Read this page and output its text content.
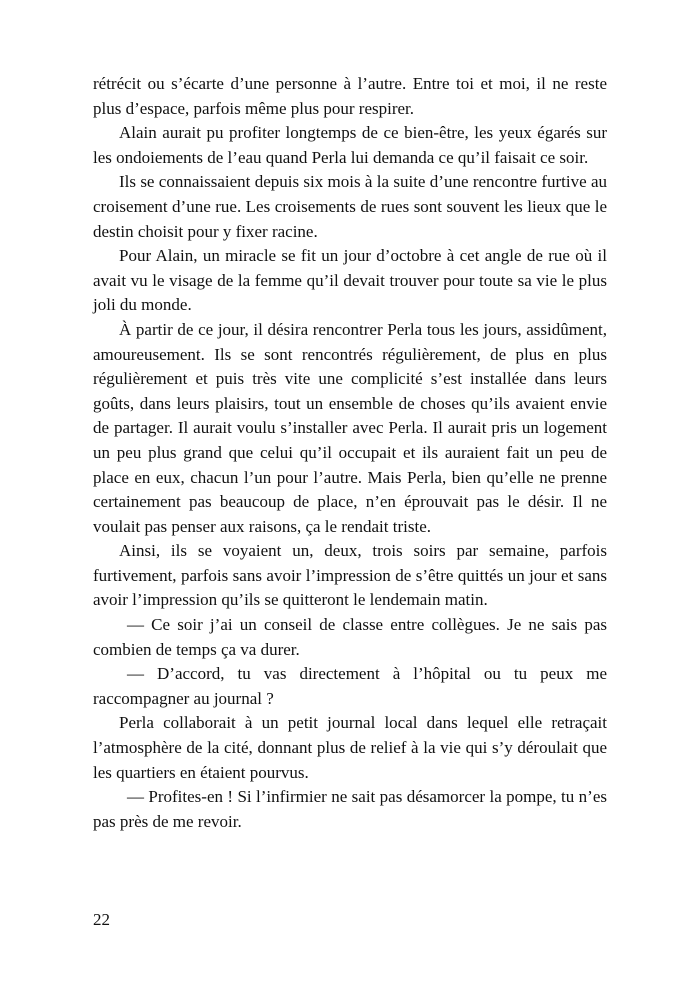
rétrécit ou s’écarte d’une personne à l’autre. Entre toi et moi, il ne reste plus d’espace, parfois même plus pour respirer.

Alain aurait pu profiter longtemps de ce bien-être, les yeux égarés sur les ondoiements de l’eau quand Perla lui demanda ce qu’il faisait ce soir.

Ils se connaissaient depuis six mois à la suite d’une rencontre furtive au croisement d’une rue. Les croisements de rues sont souvent les lieux que le destin choisit pour y fixer racine.

Pour Alain, un miracle se fit un jour d’octobre à cet angle de rue où il avait vu le visage de la femme qu’il devait trouver pour toute sa vie le plus joli du monde.

À partir de ce jour, il désira rencontrer Perla tous les jours, assidûment, amoureusement. Ils se sont rencontrés régulièrement, de plus en plus régulièrement et puis très vite une complicité s’est installée dans leurs goûts, dans leurs plaisirs, tout un ensemble de choses qu’ils avaient envie de partager. Il aurait voulu s’installer avec Perla. Il aurait pris un logement un peu plus grand que celui qu’il occupait et ils auraient fait un peu de place en eux, chacun l’un pour l’autre. Mais Perla, bien qu’elle ne prenne certainement pas beaucoup de place, n’en éprouvait pas le désir. Il ne voulait pas penser aux raisons, ça le rendait triste.

Ainsi, ils se voyaient un, deux, trois soirs par semaine, parfois furtivement, parfois sans avoir l’impression de s’être quittés un jour et sans avoir l’impression qu’ils se quitteront le lendemain matin.

— Ce soir j’ai un conseil de classe entre collègues. Je ne sais pas combien de temps ça va durer.

— D’accord, tu vas directement à l’hôpital ou tu peux me raccompagner au journal ?

Perla collaborait à un petit journal local dans lequel elle retraçait l’atmosphère de la cité, donnant plus de relief à la vie qui s’y déroulait que les quartiers en étaient pourvus.

— Profites-en ! Si l’infirmier ne sait pas désamorcer la pompe, tu n’es pas près de me revoir.

22
